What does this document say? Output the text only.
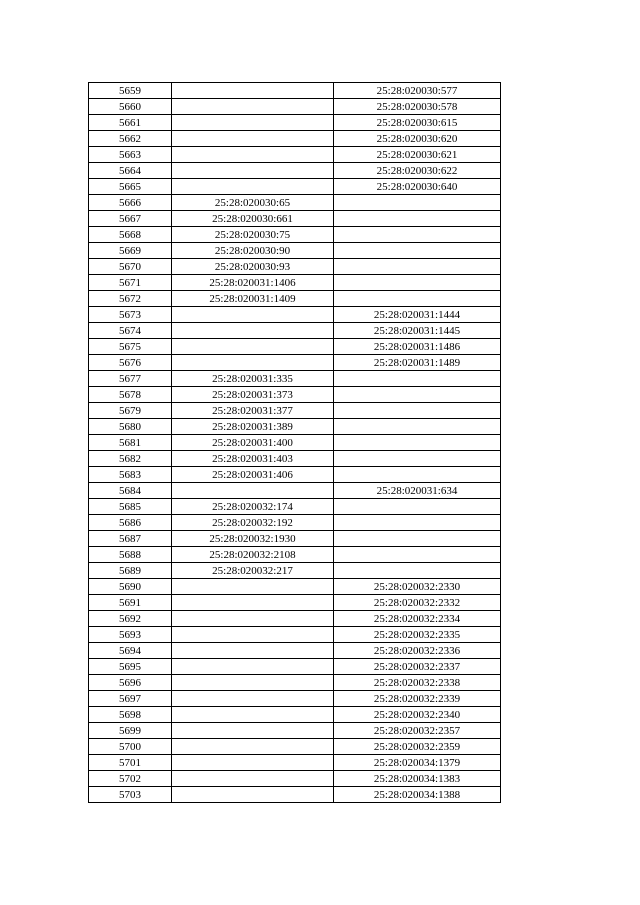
5659		25:28:020030:577
5660		25:28:020030:578
5661		25:28:020030:615
5662		25:28:020030:620
5663		25:28:020030:621
5664		25:28:020030:622
5665		25:28:020030:640
5666	25:28:020030:65	
5667	25:28:020030:661	
5668	25:28:020030:75	
5669	25:28:020030:90	
5670	25:28:020030:93	
5671	25:28:020031:1406	
5672	25:28:020031:1409	
5673		25:28:020031:1444
5674		25:28:020031:1445
5675		25:28:020031:1486
5676		25:28:020031:1489
5677	25:28:020031:335	
5678	25:28:020031:373	
5679	25:28:020031:377	
5680	25:28:020031:389	
5681	25:28:020031:400	
5682	25:28:020031:403	
5683	25:28:020031:406	
5684		25:28:020031:634
5685	25:28:020032:174	
5686	25:28:020032:192	
5687	25:28:020032:1930	
5688	25:28:020032:2108	
5689	25:28:020032:217	
5690		25:28:020032:2330
5691		25:28:020032:2332
5692		25:28:020032:2334
5693		25:28:020032:2335
5694		25:28:020032:2336
5695		25:28:020032:2337
5696		25:28:020032:2338
5697		25:28:020032:2339
5698		25:28:020032:2340
5699		25:28:020032:2357
5700		25:28:020032:2359
5701		25:28:020034:1379
5702		25:28:020034:1383
5703		25:28:020034:1388
